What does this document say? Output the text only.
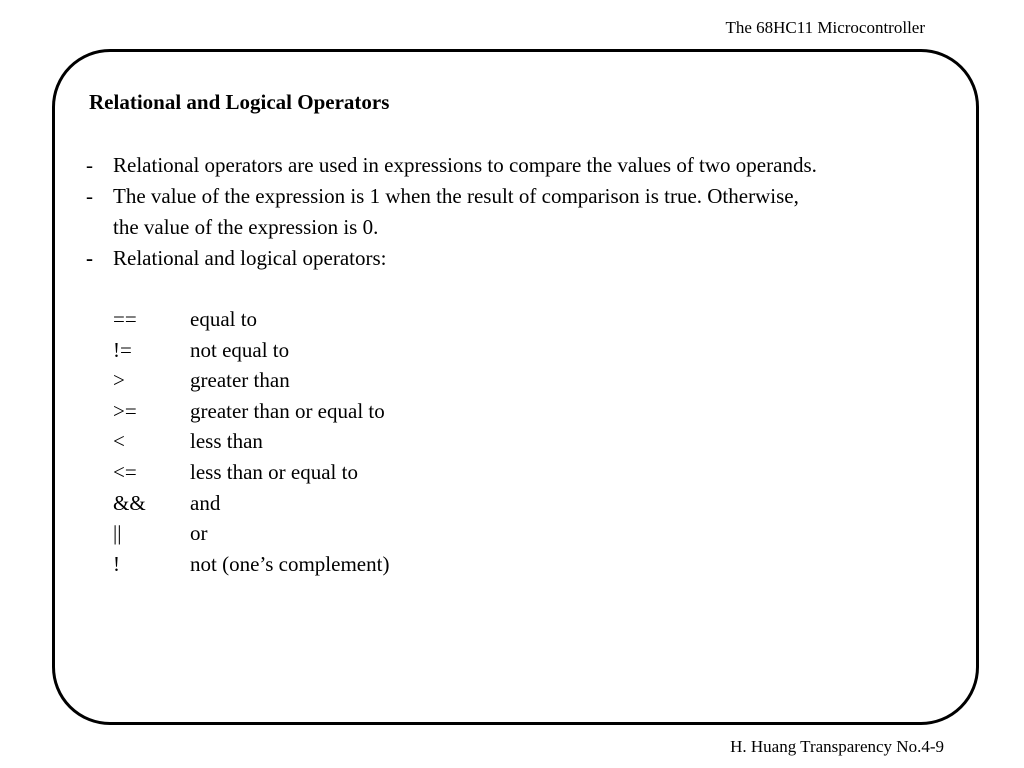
The 68HC11 Microcontroller
Relational and Logical Operators
- Relational operators are used in expressions to compare the values of two operands.
- The value of the expression is 1 when the result of comparison is true. Otherwise,
the value of the expression is 0.
- Relational and logical operators:
==	equal to
!=	not equal to
>	greater than
>=	greater than or equal to
<	less than
<=	less than or equal to
&&	and
||	or
!	not (one’s complement)
H. Huang Transparency No.4-9
